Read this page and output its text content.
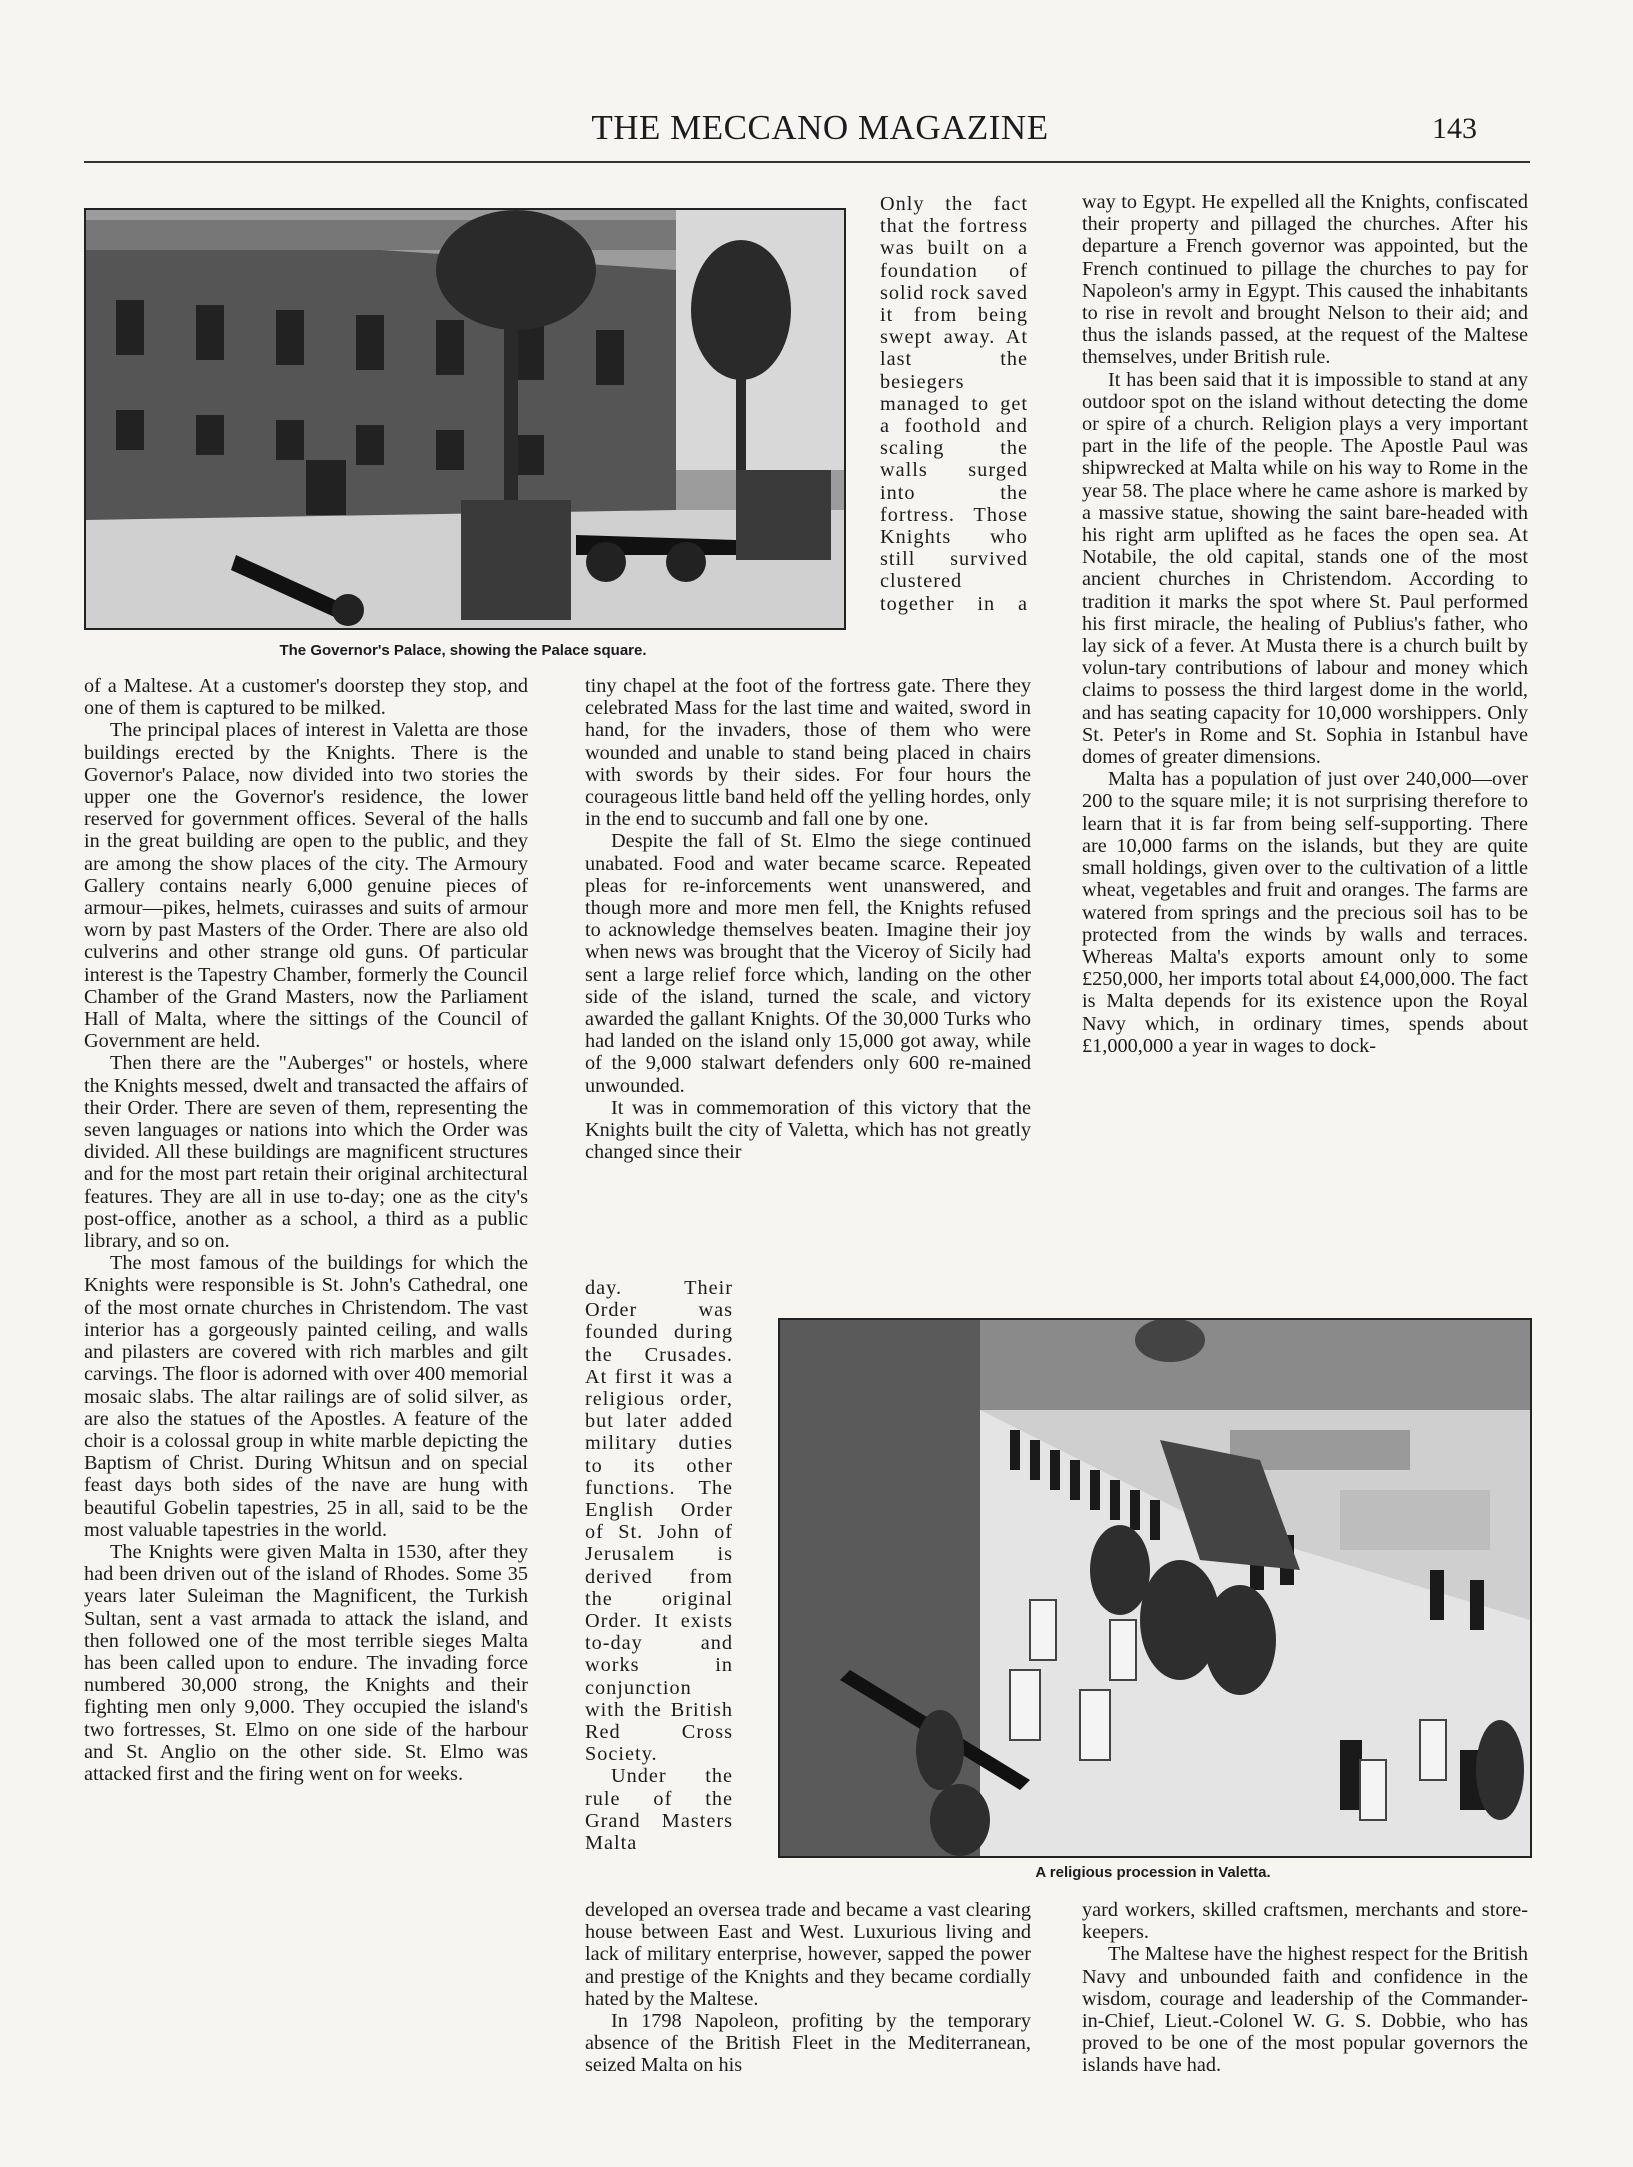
THE MECCANO MAGAZINE	143
The Governor's Palace, showing the Palace square.
Only the fact that the fortress was built on a foundation of solid rock saved it from being swept away. At last the besiegers managed to get a foothold and scaling the walls surged into the fortress. Those Knights who still survived clustered together in a

of a Maltese. At a customer's doorstep they stop, and one of them is captured to be milked.

The principal places of interest in Valetta are those buildings erected by the Knights. There is the Governor's Palace, now divided into two stories the upper one the Governor's residence, the lower reserved for government offices. Several of the halls in the great building are open to the public, and they are among the show places of the city. The Armoury Gallery contains nearly 6,000 genuine pieces of armour—pikes, helmets, cuirasses and suits of armour worn by past Masters of the Order. There are also old culverins and other strange old guns. Of particular interest is the Tapestry Chamber, formerly the Council Chamber of the Grand Masters, now the Parliament Hall of Malta, where the sittings of the Council of Government are held.

Then there are the "Auberges" or hostels, where the Knights messed, dwelt and transacted the affairs of their Order. There are seven of them, representing the seven languages or nations into which the Order was divided. All these buildings are magnificent structures and for the most part retain their original architectural features. They are all in use to-day; one as the city's post-office, another as a school, a third as a public library, and so on.

The most famous of the buildings for which the Knights were responsible is St. John's Cathedral, one of the most ornate churches in Christendom. The vast interior has a gorgeously painted ceiling, and walls and pilasters are covered with rich marbles and gilt carvings. The floor is adorned with over 400 memorial mosaic slabs. The altar railings are of solid silver, as are also the statues of the Apostles. A feature of the choir is a colossal group in white marble depicting the Baptism of Christ. During Whitsun and on special feast days both sides of the nave are hung with beautiful Gobelin tapestries, 25 in all, said to be the most valuable tapestries in the world.

The Knights were given Malta in 1530, after they had been driven out of the island of Rhodes. Some 35 years later Suleiman the Magnificent, the Turkish Sultan, sent a vast armada to attack the island, and then followed one of the most terrible sieges Malta has been called upon to endure. The invading force numbered 30,000 strong, the Knights and their fighting men only 9,000. They occupied the island's two fortresses, St. Elmo on one side of the harbour and St. Anglio on the other side. St. Elmo was attacked first and the firing went on for weeks.

tiny chapel at the foot of the fortress gate. There they celebrated Mass for the last time and waited, sword in hand, for the invaders, those of them who were wounded and unable to stand being placed in chairs with swords by their sides. For four hours the courageous little band held off the yelling hordes, only in the end to succumb and fall one by one.

Despite the fall of St. Elmo the siege continued unabated. Food and water became scarce. Repeated pleas for re-inforcements went unanswered, and though more and more men fell, the Knights refused to acknowledge themselves beaten. Imagine their joy when news was brought that the Viceroy of Sicily had sent a large relief force which, landing on the other side of the island, turned the scale, and victory awarded the gallant Knights. Of the 30,000 Turks who had landed on the island only 15,000 got away, while of the 9,000 stalwart defenders only 600 re-mained unwounded.

It was in commemoration of this victory that the Knights built the city of Valetta, which has not greatly changed since their

day. Their Order was founded during the Crusades. At first it was a religious order, but later added military duties to its other functions. The English Order of St. John of Jerusalem is derived from the original Order. It exists to-day and works in conjunction with the British Red Cross Society.

Under the rule of the Grand Masters Malta

A religious procession in Valetta.

developed an oversea trade and became a vast clearing house between East and West. Luxurious living and lack of military enterprise, however, sapped the power and prestige of the Knights and they became cordially hated by the Maltese.

In 1798 Napoleon, profiting by the temporary absence of the British Fleet in the Mediterranean, seized Malta on his

way to Egypt. He expelled all the Knights, confiscated their property and pillaged the churches. After his departure a French governor was appointed, but the French continued to pillage the churches to pay for Napoleon's army in Egypt. This caused the inhabitants to rise in revolt and brought Nelson to their aid; and thus the islands passed, at the request of the Maltese themselves, under British rule.

It has been said that it is impossible to stand at any outdoor spot on the island without detecting the dome or spire of a church. Religion plays a very important part in the life of the people. The Apostle Paul was shipwrecked at Malta while on his way to Rome in the year 58. The place where he came ashore is marked by a massive statue, showing the saint bare-headed with his right arm uplifted as he faces the open sea. At Notabile, the old capital, stands one of the most ancient churches in Christendom. According to tradition it marks the spot where St. Paul performed his first miracle, the healing of Publius's father, who lay sick of a fever. At Musta there is a church built by volun-tary contributions of labour and money which claims to possess the third largest dome in the world, and has seating capacity for 10,000 worshippers. Only St. Peter's in Rome and St. Sophia in Istanbul have domes of greater dimensions.

Malta has a population of just over 240,000—over 200 to the square mile; it is not surprising therefore to learn that it is far from being self-supporting. There are 10,000 farms on the islands, but they are quite small holdings, given over to the cultivation of a little wheat, vegetables and fruit and oranges. The farms are watered from springs and the precious soil has to be protected from the winds by walls and terraces. Whereas Malta's exports amount only to some £250,000, her imports total about £4,000,000. The fact is Malta depends for its existence upon the Royal Navy which, in ordinary times, spends about £1,000,000 a year in wages to dock-

yard workers, skilled craftsmen, merchants and store-keepers.

The Maltese have the highest respect for the British Navy and unbounded faith and confidence in the wisdom, courage and leadership of the Commander-in-Chief, Lieut.-Colonel W. G. S. Dobbie, who has proved to be one of the most popular governors the islands have had.
